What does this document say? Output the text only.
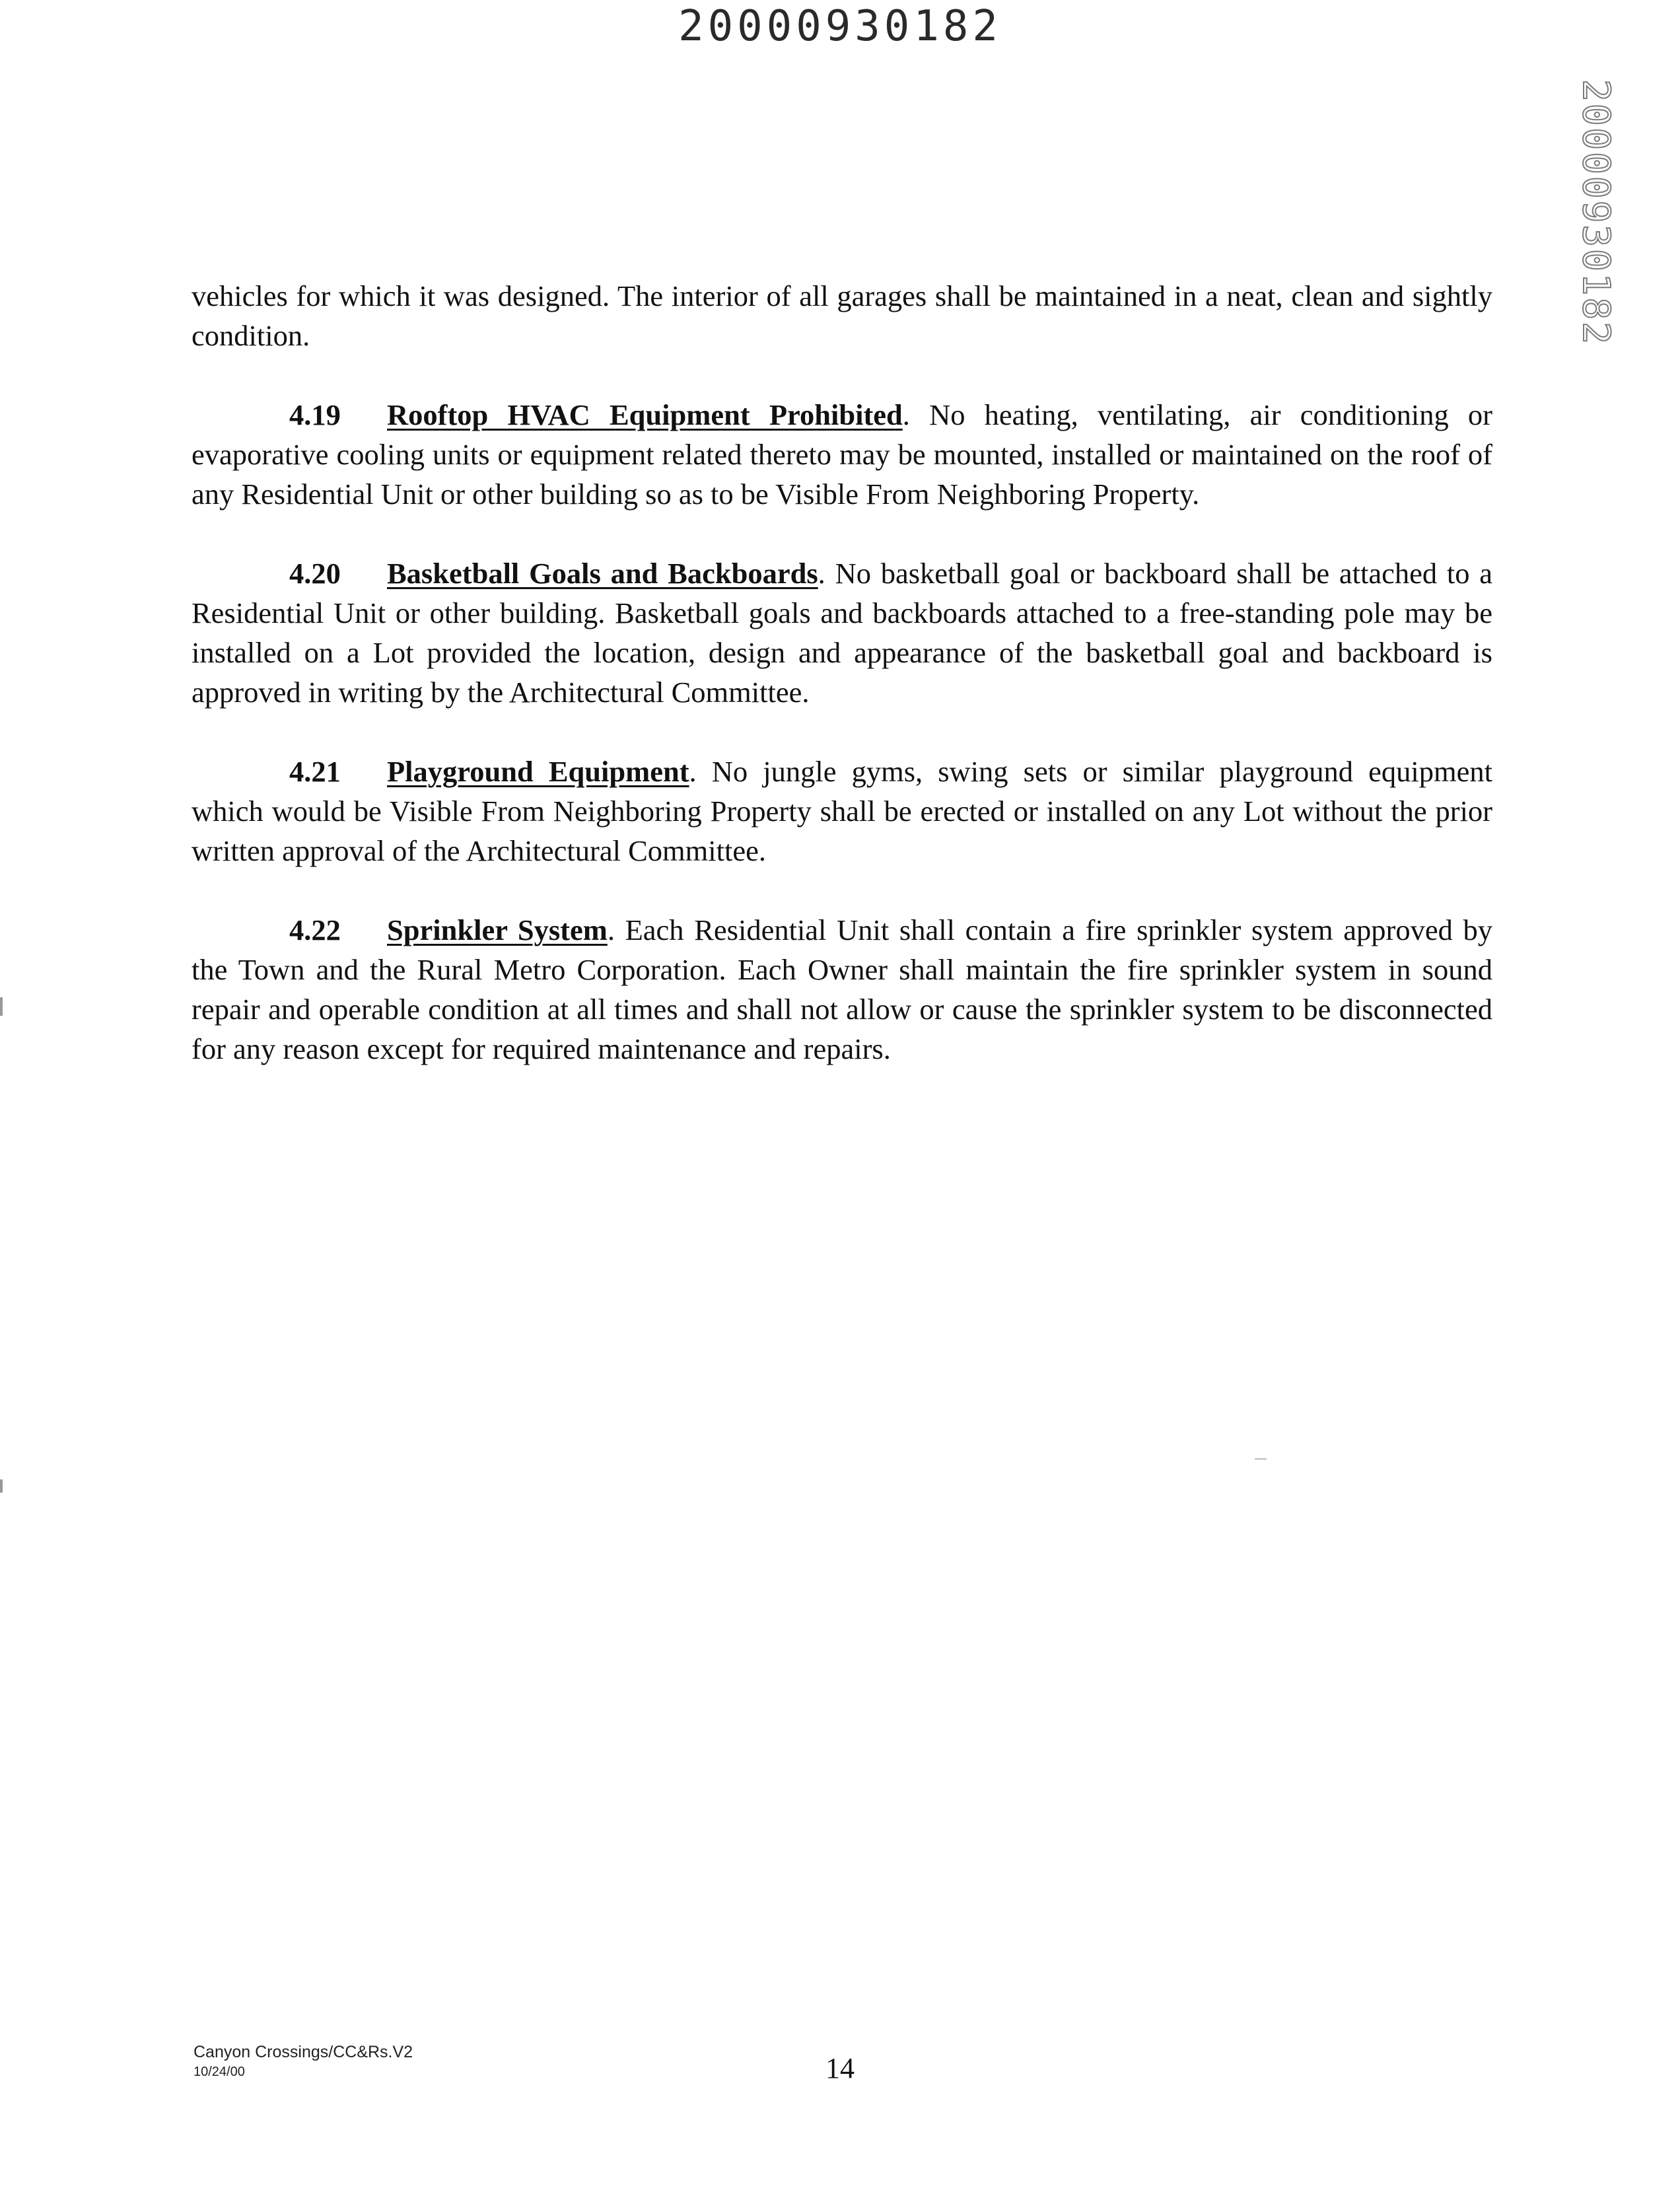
20000930182
20000930182
vehicles for which it was designed. The interior of all garages shall be maintained in a neat, clean and sightly condition.
4.19 Rooftop HVAC Equipment Prohibited. No heating, ventilating, air conditioning or evaporative cooling units or equipment related thereto may be mounted, installed or maintained on the roof of any Residential Unit or other building so as to be Visible From Neighboring Property.
4.20 Basketball Goals and Backboards. No basketball goal or backboard shall be attached to a Residential Unit or other building. Basketball goals and backboards attached to a free-standing pole may be installed on a Lot provided the location, design and appearance of the basketball goal and backboard is approved in writing by the Architectural Committee.
4.21 Playground Equipment. No jungle gyms, swing sets or similar playground equipment which would be Visible From Neighboring Property shall be erected or installed on any Lot without the prior written approval of the Architectural Committee.
4.22 Sprinkler System. Each Residential Unit shall contain a fire sprinkler system approved by the Town and the Rural Metro Corporation. Each Owner shall maintain the fire sprinkler system in sound repair and operable condition at all times and shall not allow or cause the sprinkler system to be disconnected for any reason except for required maintenance and repairs.
Canyon Crossings/CC&Rs.V2
10/24/00	14
